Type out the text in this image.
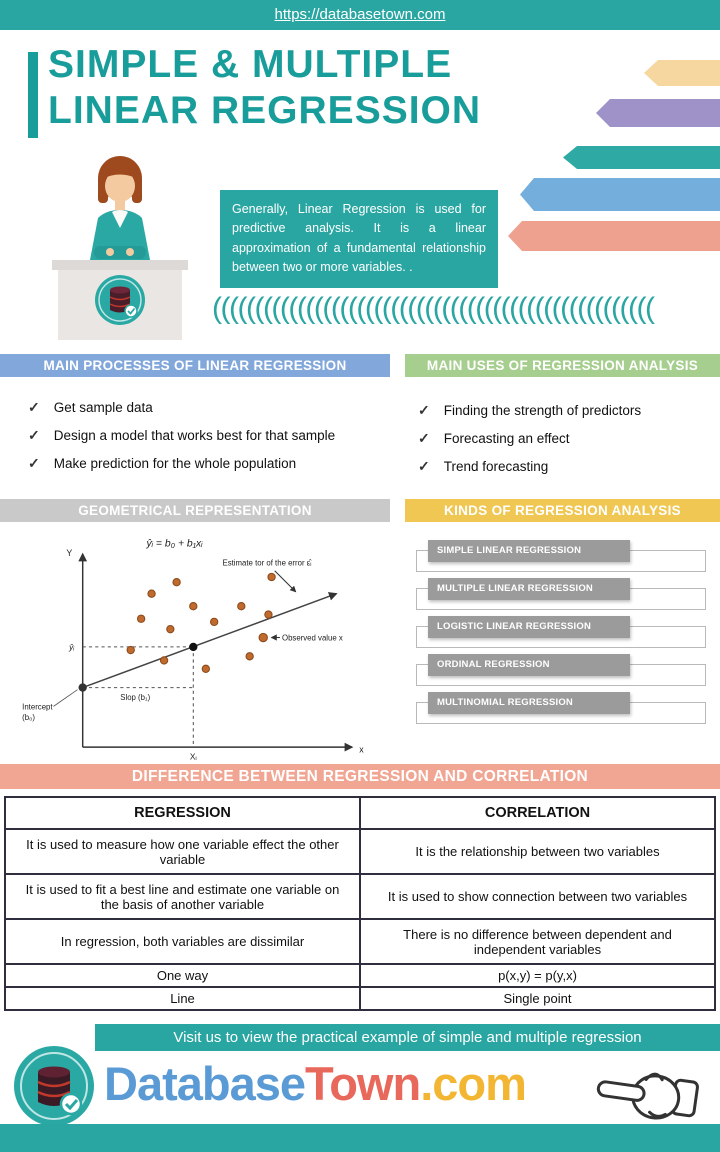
https://databasetown.com
SIMPLE & MULTIPLE
LINEAR REGRESSION
Generally, Linear Regression is used for predictive analysis. It is a linear approximation of a fundamental relationship between two or more variables. .
((((((((((((((((((((((((((((((((((((((((((((((((((((
MAIN PROCESSES OF LINEAR REGRESSION	MAIN USES OF REGRESSION ANALYSIS
✓ Get sample data
✓ Design a model that works best for that sample
✓ Make prediction for the whole population
✓ Finding the strength of predictors
✓ Forecasting an effect
✓ Trend forecasting
GEOMETRICAL REPRESENTATION	KINDS OF REGRESSION ANALYSIS
ŷᵢ = b₀ + b₁xᵢ
Estimate tor of the error ε̂ᵢ
Observed value x
Slop (b₁)
Intercept
(b₀)
Y
x
Xᵢ
ŷᵢ
SIMPLE LINEAR REGRESSION
MULTIPLE LINEAR REGRESSION
LOGISTIC LINEAR REGRESSION
ORDINAL REGRESSION
MULTINOMIAL REGRESSION
DIFFERENCE BETWEEN REGRESSION AND CORRELATION
REGRESSION	CORRELATION
It is used to measure how one variable effect the other variable	It is the relationship between two variables
It is used to fit a best line and estimate one variable on the basis of another variable	It is used to show connection between two variables
In regression, both variables are dissimilar	There is no difference between dependent and independent variables
One way	p(x,y) = p(y,x)
Line	Single point
Visit us to view the practical example of simple and multiple regression
DatabaseTown.com
